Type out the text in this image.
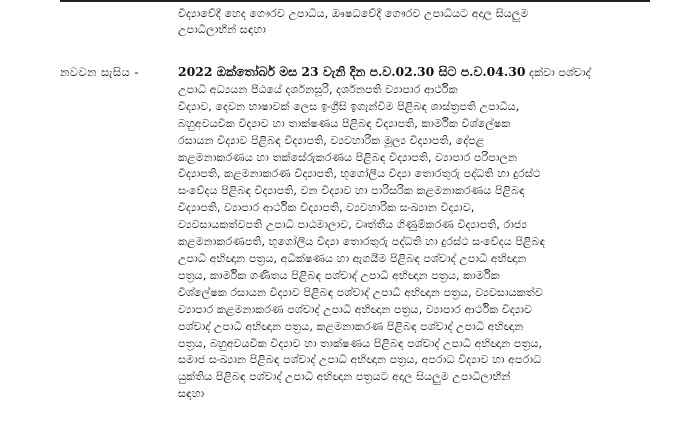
විද්‍යාවේදී හෙද ගෞරව උපාධිය, ඖෂධවේදී ගෞරව උපාධියට අදාල සියලුම
උපාධිලාභීන් සඳහා
නවවන සැසිය -	2022 ඔක්තෝබර් මස 23 වැනි දින ප.ව.02.30 සිට ප.ව.04.30 දක්වා පශ්චාද්
උපාධි අධ්‍යයන පීඨයේ දර්ශනසූරි, දර්ශනපති ව්‍යාපාර ආර්ථික
විද්‍යාව, දෙවන භාෂාවක් ලෙස ඉංග්‍රීසි ඉගැන්වීම පිළිබඳ ශාස්ත්‍රපති උපාධිය,
බහුඅවයවික විද්‍යාව හා තාක්ෂණය පිළිබඳ විද්‍යාපති, කාර්මික විශ්ලේෂක
රසායන විද්‍යාව පිළිබඳ විද්‍යාපති, ව්‍යවහාරික මූල්‍ය විද්‍යාපති, දේපළ
කළමනාකරණය හා තක්සේරුකරණය පිළිබඳ විද්‍යාපති, ව්‍යාපාර පරිපාලන
විද්‍යාපති, කළමනාකරණ විද්‍යාපති, භූගෝලීය විද්‍යා තොරතුරු පද්ධති හා දුරස්ථ
සංවේදය පිළිබඳ විද්‍යාපති, වන විද්‍යාව හා පාරිසරික කළමනාකරණය පිළිබඳ
විද්‍යාපති, ව්‍යාපාර ආර්ථික විද්‍යාපති, ව්‍යවහාරික සංඛ්‍යාන විද්‍යාව,
ව්‍යවසායකත්වපති උපාධි පාඨමාලාව, වෘත්තීය ගිණුම්කරණ විද්‍යාපති, රාජ්‍ය
කළමනාකරණපති, භූගෝලීය විද්‍යා තොරතුරු පද්ධති හා දුරස්ථ සංවේදය පිළිබඳ
උපාධි අභිඥාන පත්‍රය, අධීක්ෂණය හා ඇගයීම පිළිබඳ පශ්චාද් උපාධි අභිඥාන
පත්‍රය, කාර්මික ගණිතය පිළිබඳ පශ්චාද් උපාධි අභිඥාන පත්‍රය, කාර්මික
විශ්ලේෂක රසායන විද්‍යාව පිළිබඳ පශ්චාද් උපාධි අභිඥාන පත්‍රය, ව්‍යවසායකත්ව
ව්‍යාපාර කළමනාකරණ පශ්චාද් උපාධි අභිඥාන පත්‍රය, ව්‍යාපාර ආර්ථික විද්‍යාව
පශ්චාද් උපාධි අභිඥාන පත්‍රය, කළමනාකරණ පිළිබඳ පශ්චාද් උපාධි අභිඥාන
පත්‍රය, බහුඅවයවික විද්‍යාව හා තාක්ෂණය පිළිබඳ පශ්චාද් උපාධි අභිඥාන පත්‍රය,
සමාජ සංඛ්‍යාන පිළිබඳ පශ්චාද් උපාධි අභිඥාන පත්‍රය, අපරාධ විද්‍යාව හා අපරාධ
යුක්තිය පිළිබඳ පශ්චාද් උපාධි අභිඥාන පත්‍රයට අදාල සියලුම උපාධිලාභීන්
සඳහා
